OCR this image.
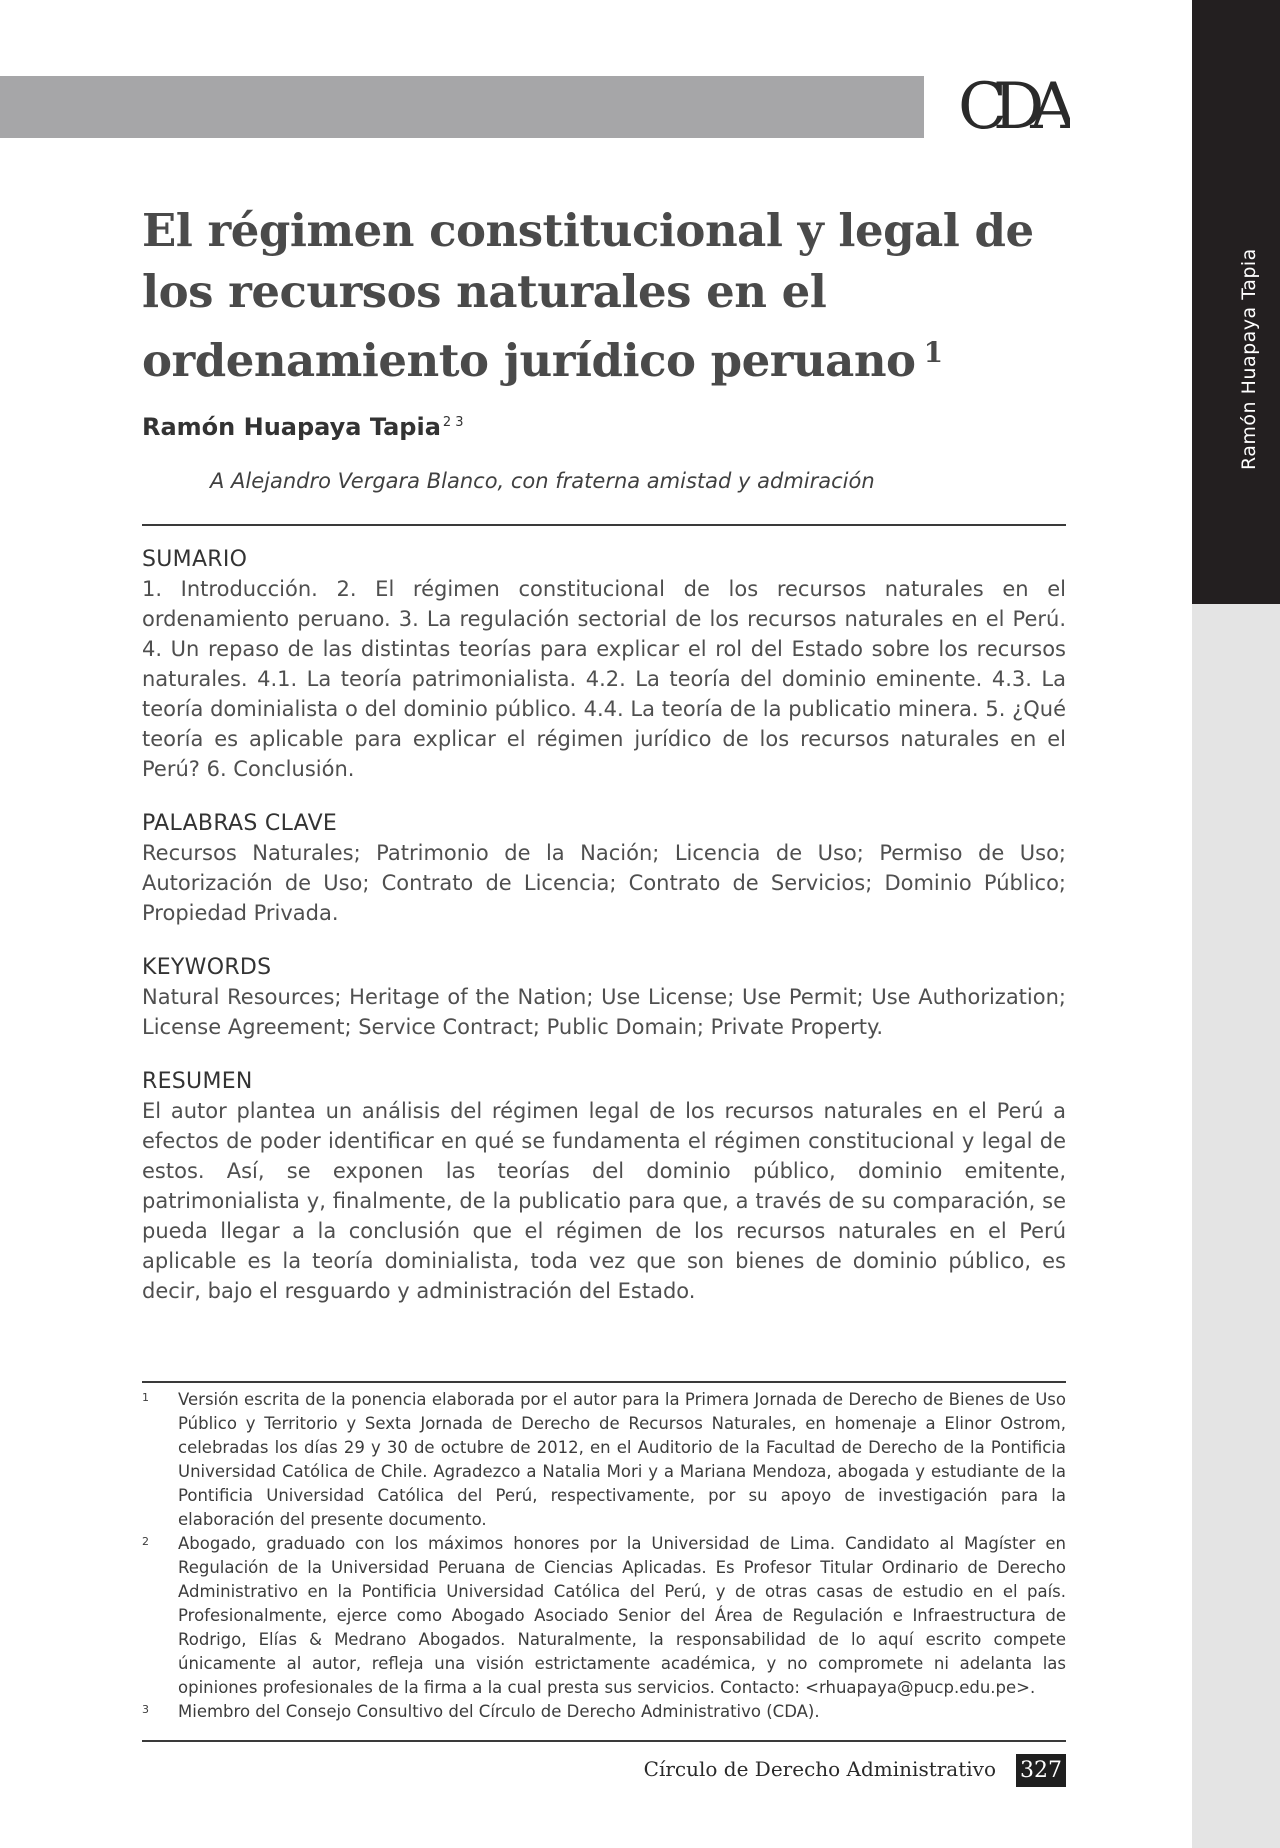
CDA
Ramón Huapaya Tapia
El régimen constitucional y legal de los recursos naturales en el ordenamiento jurídico peruano $^1$
Ramón Huapaya Tapia $^{2 3}$
A Alejandro Vergara Blanco, con fraterna amistad y admiración
SUMARIO

1. Introducción. 2. El régimen constitucional de los recursos naturales en el ordenamiento peruano. 3. La regulación sectorial de los recursos naturales en el Perú. 4. Un repaso de las distintas teorías para explicar el rol del Estado sobre los recursos naturales. 4.1. La teoría patrimonialista. 4.2. La teoría del dominio eminente. 4.3. La teoría dominialista o del dominio público. 4.4. La teoría de la publicatio minera. 5. ¿Qué teoría es aplicable para explicar el régimen jurídico de los recursos naturales en el Perú? 6. Conclusión.

PALABRAS CLAVE

Recursos Naturales; Patrimonio de la Nación; Licencia de Uso; Permiso de Uso; Autorización de Uso; Contrato de Licencia; Contrato de Servicios; Dominio Público; Propiedad Privada.

KEYWORDS

Natural Resources; Heritage of the Nation; Use License; Use Permit; Use Authorization; License Agreement; Service Contract; Public Domain; Private Property.

RESUMEN

El autor plantea un análisis del régimen legal de los recursos naturales en el Perú a efectos de poder identificar en qué se fundamenta el régimen constitucional y legal de estos. Así, se exponen las teorías del dominio público, dominio emitente, patrimonialista y, finalmente, de la publicatio para que, a través de su comparación, se pueda llegar a la conclusión que el régimen de los recursos naturales en el Perú aplicable es la teoría dominialista, toda vez que son bienes de dominio público, es decir, bajo el resguardo y administración del Estado.

1 Versión escrita de la ponencia elaborada por el autor para la Primera Jornada de Derecho de Bienes de Uso Público y Territorio y Sexta Jornada de Derecho de Recursos Naturales, en homenaje a Elinor Ostrom, celebradas los días 29 y 30 de octubre de 2012, en el Auditorio de la Facultad de Derecho de la Pontificia Universidad Católica de Chile. Agradezco a Natalia Mori y a Mariana Mendoza, abogada y estudiante de la Pontificia Universidad Católica del Perú, respectivamente, por su apoyo de investigación para la elaboración del presente documento.
2 Abogado, graduado con los máximos honores por la Universidad de Lima. Candidato al Magíster en Regulación de la Universidad Peruana de Ciencias Aplicadas. Es Profesor Titular Ordinario de Derecho Administrativo en la Pontificia Universidad Católica del Perú, y de otras casas de estudio en el país. Profesionalmente, ejerce como Abogado Asociado Senior del Área de Regulación e Infraestructura de Rodrigo, Elías & Medrano Abogados. Naturalmente, la responsabilidad de lo aquí escrito compete únicamente al autor, refleja una visión estrictamente académica, y no compromete ni adelanta las opiniones profesionales de la firma a la cual presta sus servicios. Contacto: <rhuapaya@pucp.edu.pe>.
3 Miembro del Consejo Consultivo del Círculo de Derecho Administrativo (CDA).
Círculo de Derecho Administrativo 327
